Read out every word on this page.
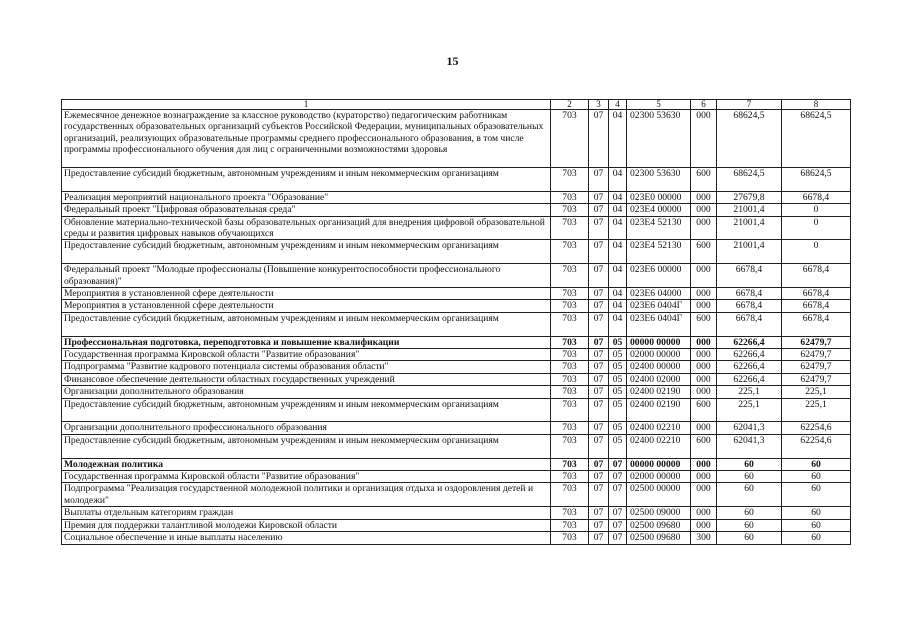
15
1	2	3	4	5	6	7	8
Ежемесячное денежное вознаграждение за классное руководство (кураторство) педагогическим работникам государственных образовательных организаций субъектов Российской Федерации, муниципальных образовательных организаций, реализующих образовательные программы среднего профессионального образования, в том числе программы профессионального обучения для лиц с ограниченными возможностями здоровья	703	07	04	02300 53630	000	68624,5	68624,5
Предоставление субсидий бюджетным, автономным учреждениям и иным некоммерческим организациям	703	07	04	02300 53630	600	68624,5	68624,5
Реализация мероприятий национального проекта "Образование"	703	07	04	023E0 00000	000	27679,8	6678,4
Федеральный проект "Цифровая образовательная среда"	703	07	04	023E4 00000	000	21001,4	0
Обновление материально-технической базы образовательных организаций для внедрения цифровой образовательной среды и развития цифровых навыков обучающихся	703	07	04	023E4 52130	000	21001,4	0
Предоставление субсидий бюджетным, автономным учреждениям и иным некоммерческим организациям	703	07	04	023E4 52130	600	21001,4	0
Федеральный проект "Молодые профессионалы (Повышение конкурентоспособности профессионального образования)"	703	07	04	023E6 00000	000	6678,4	6678,4
Мероприятия в установленной сфере деятельности	703	07	04	023E6 04000	000	6678,4	6678,4
Мероприятия в установленной сфере деятельности	703	07	04	023E6 0404Г	000	6678,4	6678,4
Предоставление субсидий бюджетным, автономным учреждениям и иным некоммерческим организациям	703	07	04	023E6 0404Г	600	6678,4	6678,4
Профессиональная подготовка, переподготовка и повышение квалификации	703	07	05	00000 00000	000	62266,4	62479,7
Государственная программа Кировской области "Развитие образования"	703	07	05	02000 00000	000	62266,4	62479,7
Подпрограмма "Развитие кадрового потенциала системы образования области"	703	07	05	02400 00000	000	62266,4	62479,7
Финансовое обеспечение деятельности областных государственных учреждений	703	07	05	02400 02000	000	62266,4	62479,7
Организации дополнительного образования	703	07	05	02400 02190	000	225,1	225,1
Предоставление субсидий бюджетным, автономным учреждениям и иным некоммерческим организациям	703	07	05	02400 02190	600	225,1	225,1
Организации дополнительного профессионального образования	703	07	05	02400 02210	000	62041,3	62254,6
Предоставление субсидий бюджетным, автономным учреждениям и иным некоммерческим организациям	703	07	05	02400 02210	600	62041,3	62254,6
Молодежная политика	703	07	07	00000 00000	000	60	60
Государственная программа Кировской области "Развитие образования"	703	07	07	02000 00000	000	60	60
Подпрограмма "Реализация государственной молодежной политики и организация отдыха и оздоровления детей и молодежи"	703	07	07	02500 00000	000	60	60
Выплаты отдельным категориям граждан	703	07	07	02500 09000	000	60	60
Премия для поддержки талантливой молодежи Кировской области	703	07	07	02500 09680	000	60	60
Социальное обеспечение и иные выплаты населению	703	07	07	02500 09680	300	60	60
